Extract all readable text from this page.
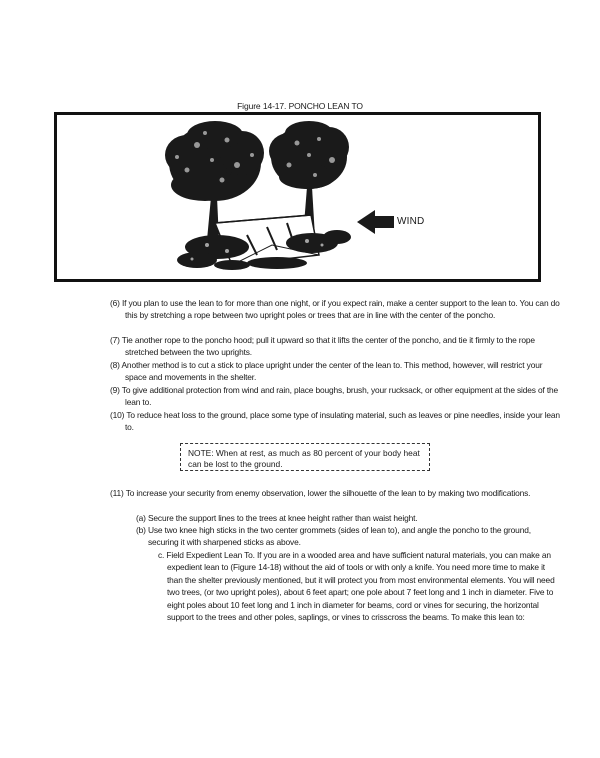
Figure 14-17. PONCHO LEAN TO
WIND
(6) If you plan to use the lean to for more than one night, or if you expect rain, make a center support to the lean to. You can do this by stretching a rope between two upright poles or trees that are in line with the center of the poncho.
(7) Tie another rope to the poncho hood; pull it upward so that it lifts the center of the poncho, and tie it firmly to the rope stretched between the two uprights.
(8) Another method is to cut a stick to place upright under the center of the lean to. This method, however, will restrict your space and movements in the shelter.
(9) To give additional protection from wind and rain, place boughs, brush, your rucksack, or other equipment at the sides of the lean to.
(10) To reduce heat loss to the ground, place some type of insulating material, such as leaves or pine needles, inside your lean to.
NOTE: When at rest, as much as 80 percent of your body heat can be lost to the ground.
(11) To increase your security from enemy observation, lower the silhouette of the lean to by making two modifications.
(a) Secure the support lines to the trees at knee height rather than waist height.
(b) Use two knee high sticks in the two center grommets (sides of lean to), and angle the poncho to the ground, securing it with sharpened sticks as above.
c. Field Expedient Lean To. If you are in a wooded area and have sufficient natural materials, you can make an expedient lean to (Figure 14-18) without the aid of tools or with only a knife. You need more time to make it than the shelter previously mentioned, but it will protect you from most environmental elements. You will need two trees, (or two upright poles), about 6 feet apart; one pole about 7 feet long and 1 inch in diameter. Five to eight poles about 10 feet long and 1 inch in diameter for beams, cord or vines for securing, the horizontal support to the trees and other poles, saplings, or vines to crisscross the beams. To make this lean to:
